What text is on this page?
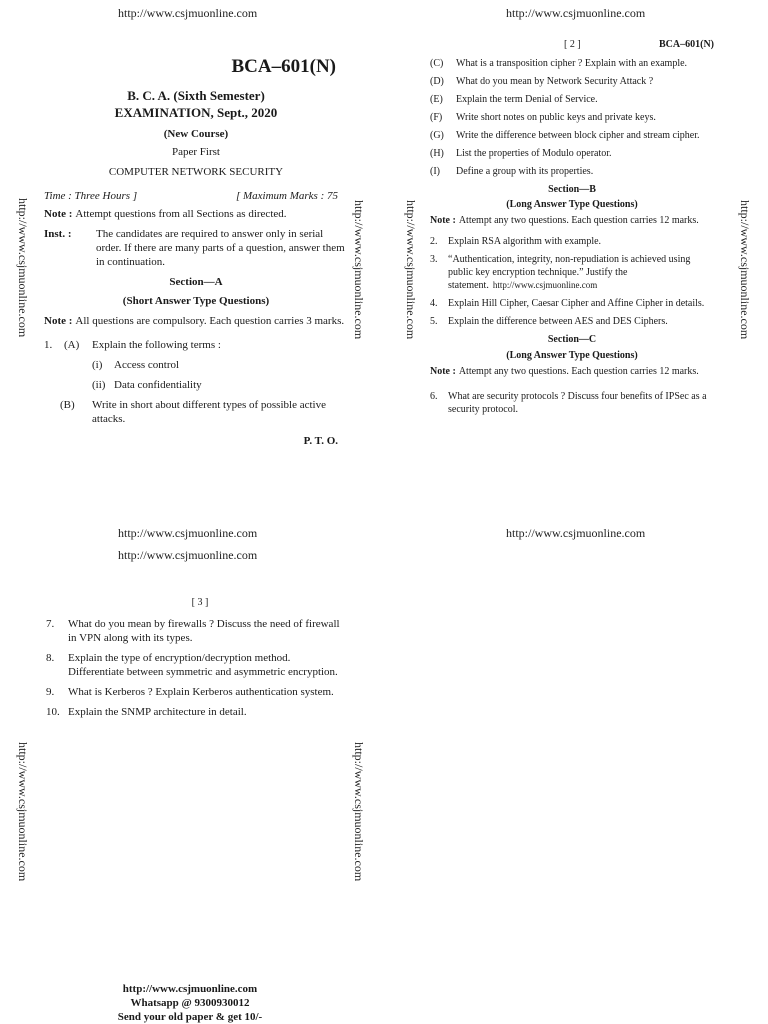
http://www.csjmuonline.com	http://www.csjmuonline.com
http://www.csjmuonline.com	http://www.csjmuonline.com	http://www.csjmuonline.com	http://www.csjmuonline.com
http://www.csjmuonline.com	http://www.csjmuonline.com
BCA–601(N)
B. C. A. (Sixth Semester)
EXAMINATION, Sept., 2020
(New Course)
Paper First
COMPUTER NETWORK SECURITY
Time : Three Hours ]	[ Maximum Marks : 75
Note : Attempt questions from all Sections as directed.
Inst. :	The candidates are required to answer only in serial order. If there are many parts of a question, answer them in continuation.
Section—A
(Short Answer Type Questions)
Note : All questions are compulsory. Each question carries 3 marks.
1.	(A)	Explain the following terms :
(i)	Access control
(ii) Data confidentiality
(B)	Write in short about different types of possible active attacks.
P. T. O.
[ 2 ]	BCA–601(N)
(C)	What is a transposition cipher ? Explain with an example.
(D)	What do you mean by Network Security Attack ?
(E)	Explain the term Denial of Service.
(F)	Write short notes on public keys and private keys.
(G)	Write the difference between block cipher and stream cipher.
(H)	List the properties of Modulo operator.
(I)	Define a group with its properties.
Section—B
(Long Answer Type Questions)
Note : Attempt any two questions. Each question carries 12 marks.
2.	Explain RSA algorithm with example.
3.	“Authentication, integrity, non-repudiation is achieved using public key encryption technique.” Justify the statement. http://www.csjmuonline.com
4.	Explain Hill Cipher, Caesar Cipher and Affine Cipher in details.
5.	Explain the difference between AES and DES Ciphers.
Section—C
(Long Answer Type Questions)
Note : Attempt any two questions. Each question carries 12 marks.
6.	What are security protocols ? Discuss four benefits of IPSec as a security protocol.
http://www.csjmuonline.com
http://www.csjmuonline.com
http://www.csjmuonline.com
[ 3 ]
7.	What do you mean by firewalls ? Discuss the need of firewall in VPN along with its types.
8.	Explain the type of encryption/decryption method. Differentiate between symmetric and asymmetric encryption.
9.	What is Kerberos ? Explain Kerberos authentication system.
10. Explain the SNMP architecture in detail.
http://www.csjmuonline.com
Whatsapp @ 9300930012
Send your old paper & get 10/-
